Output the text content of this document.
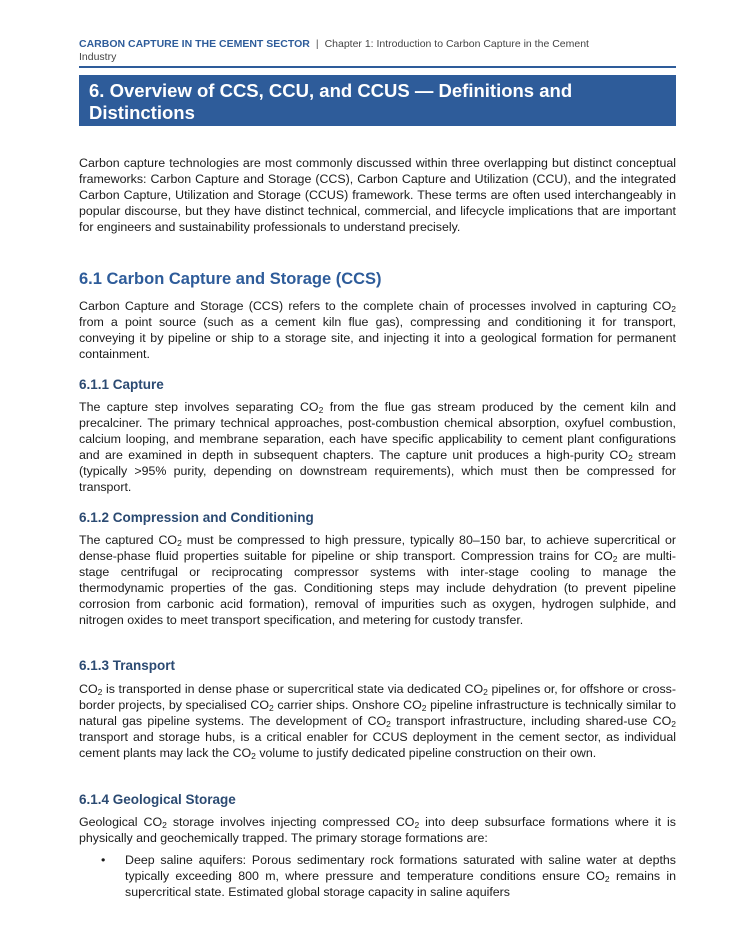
CARBON CAPTURE IN THE CEMENT SECTOR | Chapter 1: Introduction to Carbon Capture in the Cement
Industry
6. Overview of CCS, CCU, and CCUS — Definitions and
Distinctions

Carbon capture technologies are most commonly discussed within three overlapping but distinct conceptual frameworks: Carbon Capture and Storage (CCS), Carbon Capture and Utilization (CCU), and the integrated Carbon Capture, Utilization and Storage (CCUS) framework. These terms are often used interchangeably in popular discourse, but they have distinct technical, commercial, and lifecycle implications that are important for engineers and sustainability professionals to understand precisely.

6.1 Carbon Capture and Storage (CCS)

Carbon Capture and Storage (CCS) refers to the complete chain of processes involved in capturing $CO_2$ from a point source (such as a cement kiln flue gas), compressing and conditioning it for transport, conveying it by pipeline or ship to a storage site, and injecting it into a geological formation for permanent containment.

6.1.1 Capture

The capture step involves separating $CO_2$ from the flue gas stream produced by the cement kiln and precalciner. The primary technical approaches, post-combustion chemical absorption, oxyfuel combustion, calcium looping, and membrane separation, each have specific applicability to cement plant configurations and are examined in depth in subsequent chapters. The capture unit produces a high-purity $CO_2$ stream (typically >95% purity, depending on downstream requirements), which must then be compressed for transport.

6.1.2 Compression and Conditioning

The captured $CO_2$ must be compressed to high pressure, typically 80–150 bar, to achieve supercritical or dense-phase fluid properties suitable for pipeline or ship transport. Compression trains for $CO_2$ are multi-stage centrifugal or reciprocating compressor systems with inter-stage cooling to manage the thermodynamic properties of the gas. Conditioning steps may include dehydration (to prevent pipeline corrosion from carbonic acid formation), removal of impurities such as oxygen, hydrogen sulphide, and nitrogen oxides to meet transport specification, and metering for custody transfer.

6.1.3 Transport

$CO_2$ is transported in dense phase or supercritical state via dedicated $CO_2$ pipelines or, for offshore or cross-border projects, by specialised $CO_2$ carrier ships. Onshore $CO_2$ pipeline infrastructure is technically similar to natural gas pipeline systems. The development of $CO_2$ transport infrastructure, including shared-use $CO_2$ transport and storage hubs, is a critical enabler for CCUS deployment in the cement sector, as individual cement plants may lack the $CO_2$ volume to justify dedicated pipeline construction on their own.

6.1.4 Geological Storage

Geological $CO_2$ storage involves injecting compressed $CO_2$ into deep subsurface formations where it is physically and geochemically trapped. The primary storage formations are:

• Deep saline aquifers: Porous sedimentary rock formations saturated with saline water at depths typically exceeding 800 m, where pressure and temperature conditions ensure $CO_2$ remains in supercritical state. Estimated global storage capacity in saline aquifers
